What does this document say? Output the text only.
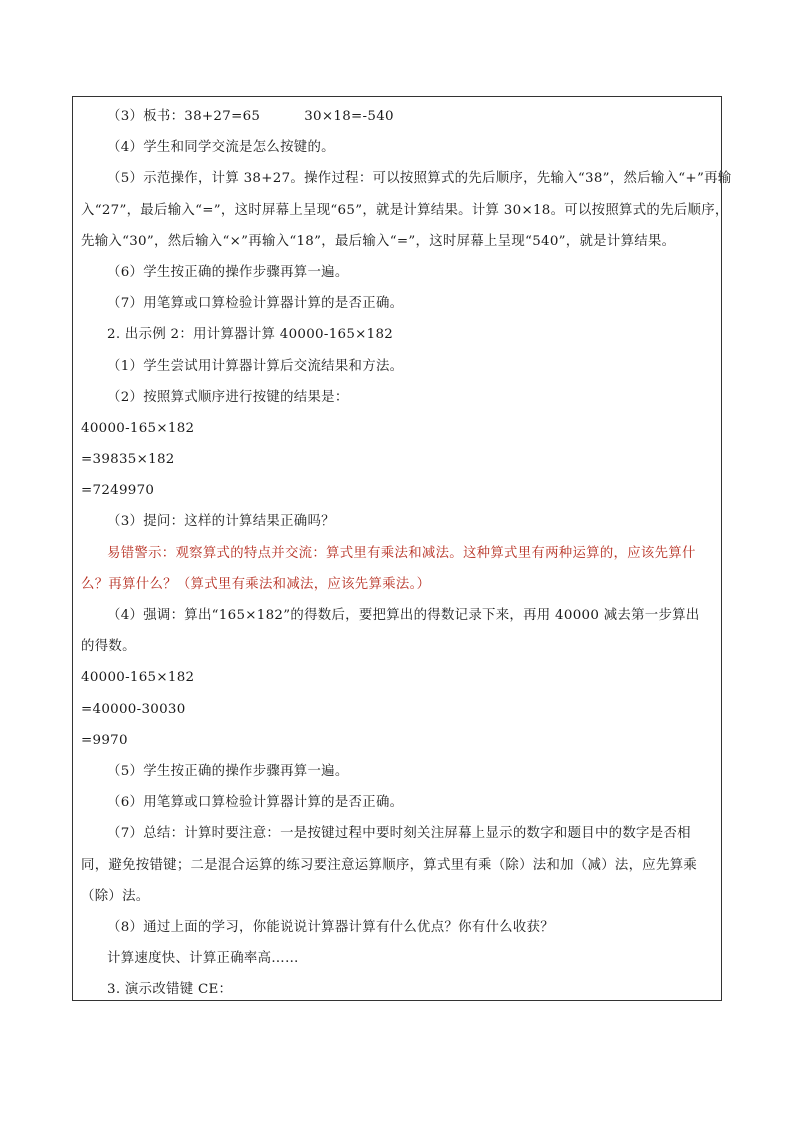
（3）板书：38+27=65	30×18=-540
（4）学生和同学交流是怎么按键的。
（5）示范操作，计算 38+27。操作过程：可以按照算式的先后顺序，先输入“38”，然后输入“+”再输
入“27”，最后输入“=”，这时屏幕上呈现“65”，就是计算结果。计算 30×18。可以按照算式的先后顺序，
先输入“30”，然后输入“×”再输入“18”，最后输入“=”，这时屏幕上呈现“540”，就是计算结果。
（6）学生按正确的操作步骤再算一遍。
（7）用笔算或口算检验计算器计算的是否正确。
2. 出示例 2：用计算器计算 40000-165×182
（1）学生尝试用计算器计算后交流结果和方法。
（2）按照算式顺序进行按键的结果是：
40000-165×182
=39835×182
=7249970
（3）提问：这样的计算结果正确吗？
易错警示：观察算式的特点并交流：算式里有乘法和减法。这种算式里有两种运算的，应该先算什
么？再算什么？（算式里有乘法和减法，应该先算乘法。）
（4）强调：算出“165×182”的得数后，要把算出的得数记录下来，再用 40000 减去第一步算出
的得数。
40000-165×182
=40000-30030
=9970
（5）学生按正确的操作步骤再算一遍。
（6）用笔算或口算检验计算器计算的是否正确。
（7）总结：计算时要注意：一是按键过程中要时刻关注屏幕上显示的数字和题目中的数字是否相
同，避免按错键；二是混合运算的练习要注意运算顺序，算式里有乘（除）法和加（减）法，应先算乘
（除）法。
（8）通过上面的学习，你能说说计算器计算有什么优点？你有什么收获？
计算速度快、计算正确率高……
3. 演示改错键 CE：
